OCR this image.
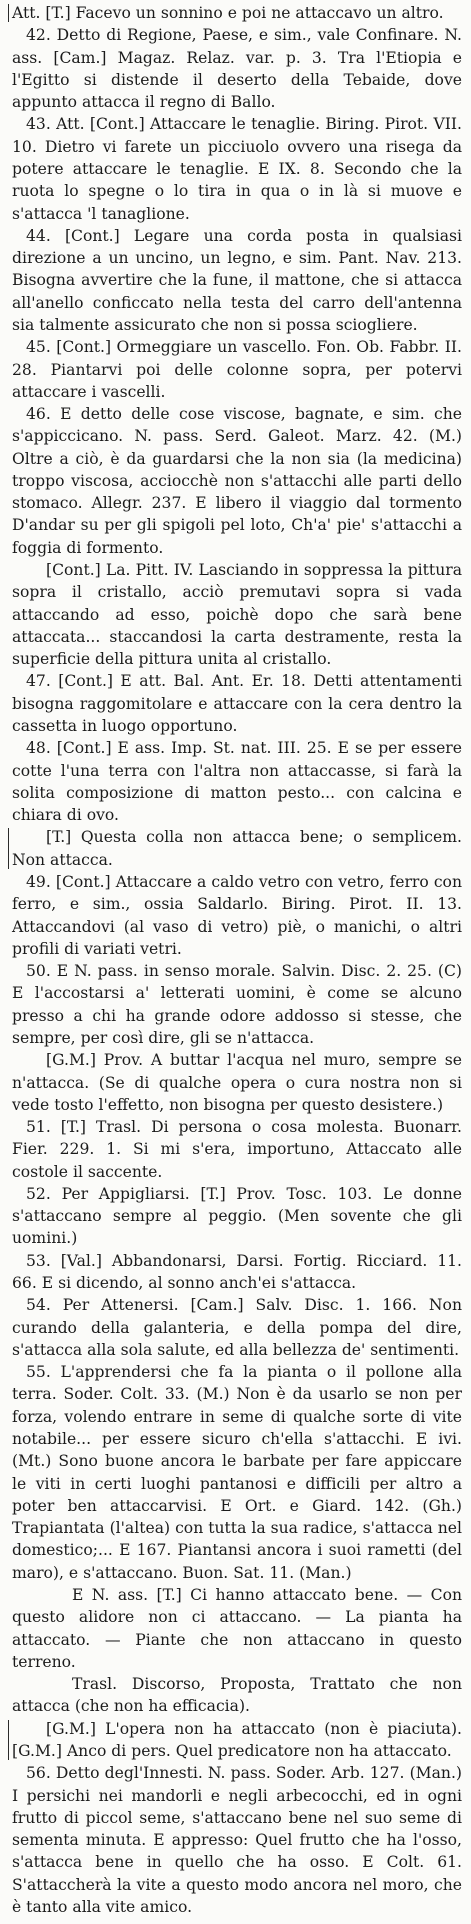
Att. [T.] Facevo un sonnino e poi ne attaccavo un altro.

42. Detto di Regione, Paese, e sim., vale Confinare. N. ass. [Cam.] Magaz. Relaz. var. p. 3. Tra l'Etiopia e l'Egitto si distende il deserto della Tebaide, dove appunto attacca il regno di Ballo.

43. Att. [Cont.] Attaccare le tenaglie. Biring. Pirot. VII. 10. Dietro vi farete un picciuolo ovvero una risega da potere attaccare le tenaglie. E IX. 8. Secondo che la ruota lo spegne o lo tira in qua o in là si muove e s'attacca 'l tanaglione.

44. [Cont.] Legare una corda posta in qualsiasi direzione a un uncino, un legno, e sim. Pant. Nav. 213. Bisogna avvertire che la fune, il mattone, che si attacca all'anello conficcato nella testa del carro dell'antenna sia talmente assicurato che non si possa sciogliere.

45. [Cont.] Ormeggiare un vascello. Fon. Ob. Fabbr. II. 28. Piantarvi poi delle colonne sopra, per potervi attaccare i vascelli.

46. E detto delle cose viscose, bagnate, e sim. che s'appiccicano. N. pass. Serd. Galeot. Marz. 42. (M.) Oltre a ciò, è da guardarsi che la non sia (la medicina) troppo viscosa, acciocchè non s'attacchi alle parti dello stomaco. Allegr. 237. E libero il viaggio dal tormento D'andar su per gli spigoli pel loto, Ch'a' pie' s'attacchi a foggia di formento.

[Cont.] La. Pitt. IV. Lasciando in soppressa la pittura sopra il cristallo, acciò premutavi sopra si vada attaccando ad esso, poichè dopo che sarà bene attaccata... staccandosi la carta destramente, resta la superficie della pittura unita al cristallo.

47. [Cont.] E att. Bal. Ant. Er. 18. Detti attentamenti bisogna raggomitolare e attaccare con la cera dentro la cassetta in luogo opportuno.

48. [Cont.] E ass. Imp. St. nat. III. 25. E se per essere cotte l'una terra con l'altra non attaccasse, si farà la solita composizione di matton pesto... con calcina e chiara di ovo.

[T.] Questa colla non attacca bene; o semplicem. Non attacca.

49. [Cont.] Attaccare a caldo vetro con vetro, ferro con ferro, e sim., ossia Saldarlo. Biring. Pirot. II. 13. Attaccandovi (al vaso di vetro) piè, o manichi, o altri profili di variati vetri.

50. E N. pass. in senso morale. Salvin. Disc. 2. 25. (C) E l'accostarsi a' letterati uomini, è come se alcuno presso a chi ha grande odore addosso si stesse, che sempre, per così dire, gli se n'attacca.

[G.M.] Prov. A buttar l'acqua nel muro, sempre se n'attacca. (Se di qualche opera o cura nostra non si vede tosto l'effetto, non bisogna per questo desistere.)

51. [T.] Trasl. Di persona o cosa molesta. Buonarr. Fier. 229. 1. Si mi s'era, importuno, Attaccato alle costole il saccente.

52. Per Appigliarsi. [T.] Prov. Tosc. 103. Le donne s'attaccano sempre al peggio. (Men sovente che gli uomini.)

53. [Val.] Abbandonarsi, Darsi. Fortig. Ricciard. 11. 66. E si dicendo, al sonno anch'ei s'attacca.

54. Per Attenersi. [Cam.] Salv. Disc. 1. 166. Non curando della galanteria, e della pompa del dire, s'attacca alla sola salute, ed alla bellezza de' sentimenti.

55. L'apprendersi che fa la pianta o il pollone alla terra. Soder. Colt. 33. (M.) Non è da usarlo se non per forza, volendo entrare in seme di qualche sorte di vite notabile... per essere sicuro ch'ella s'attacchi. E ivi. (Mt.) Sono buone ancora le barbate per fare appiccare le viti in certi luoghi pantanosi e difficili per altro a poter ben attaccarvisi. E Ort. e Giard. 142. (Gh.) Trapiantata (l'altea) con tutta la sua radice, s'attacca nel domestico;... E 167. Piantansi ancora i suoi rametti (del maro), e s'attaccano. Buon. Sat. 11. (Man.)

E N. ass. [T.] Ci hanno attaccato bene. — Con questo alidore non ci attaccano. — La pianta ha attaccato. — Piante che non attaccano in questo terreno.

Trasl. Discorso, Proposta, Trattato che non attacca (che non ha efficacia).

[G.M.] L'opera non ha attaccato (non è piaciuta). [G.M.] Anco di pers. Quel predicatore non ha attaccato.

56. Detto degl'Innesti. N. pass. Soder. Arb. 127. (Man.) I persichi nei mandorli e negli arbecocchi, ed in ogni frutto di piccol seme, s'attaccano bene nel suo seme di sementa minuta. E appresso: Quel frutto che ha l'osso, s'attacca bene in quello che ha osso. E Colt. 61. S'attaccherà la vite a questo modo ancora nel moro, che è tanto alla vite amico.
